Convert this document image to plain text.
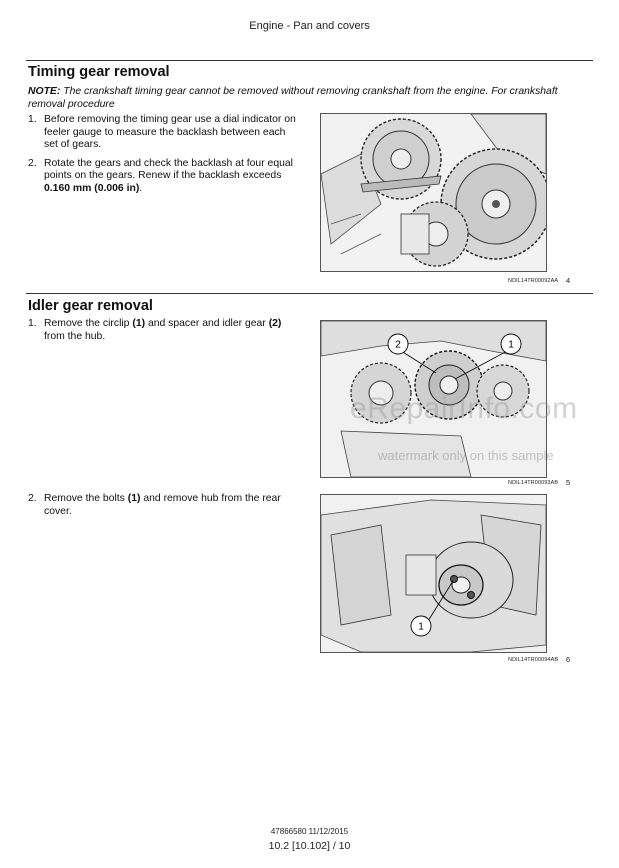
Engine - Pan and covers
Timing gear removal
NOTE: The crankshaft timing gear cannot be removed without removing crankshaft from the engine. For crankshaft removal procedure
1. Before removing the timing gear use a dial indicator on feeler gauge to measure the backlash between each set of gears.
2. Rotate the gears and check the backlash at four equal points on the gears. Renew if the backlash exceeds 0.160 mm (0.006 in).
NDIL14TR00092AA 4
Idler gear removal
1. Remove the circlip (1) and spacer and idler gear (2) from the hub.
2	1
NDIL14TR00093AB 5
eRepairInfo.com
watermark only on this sample
2. Remove the bolts (1) and remove hub from the rear cover.
1
NDIL14TR00094AB 6
47866580 11/12/2015
10.2 [10.102] / 10
